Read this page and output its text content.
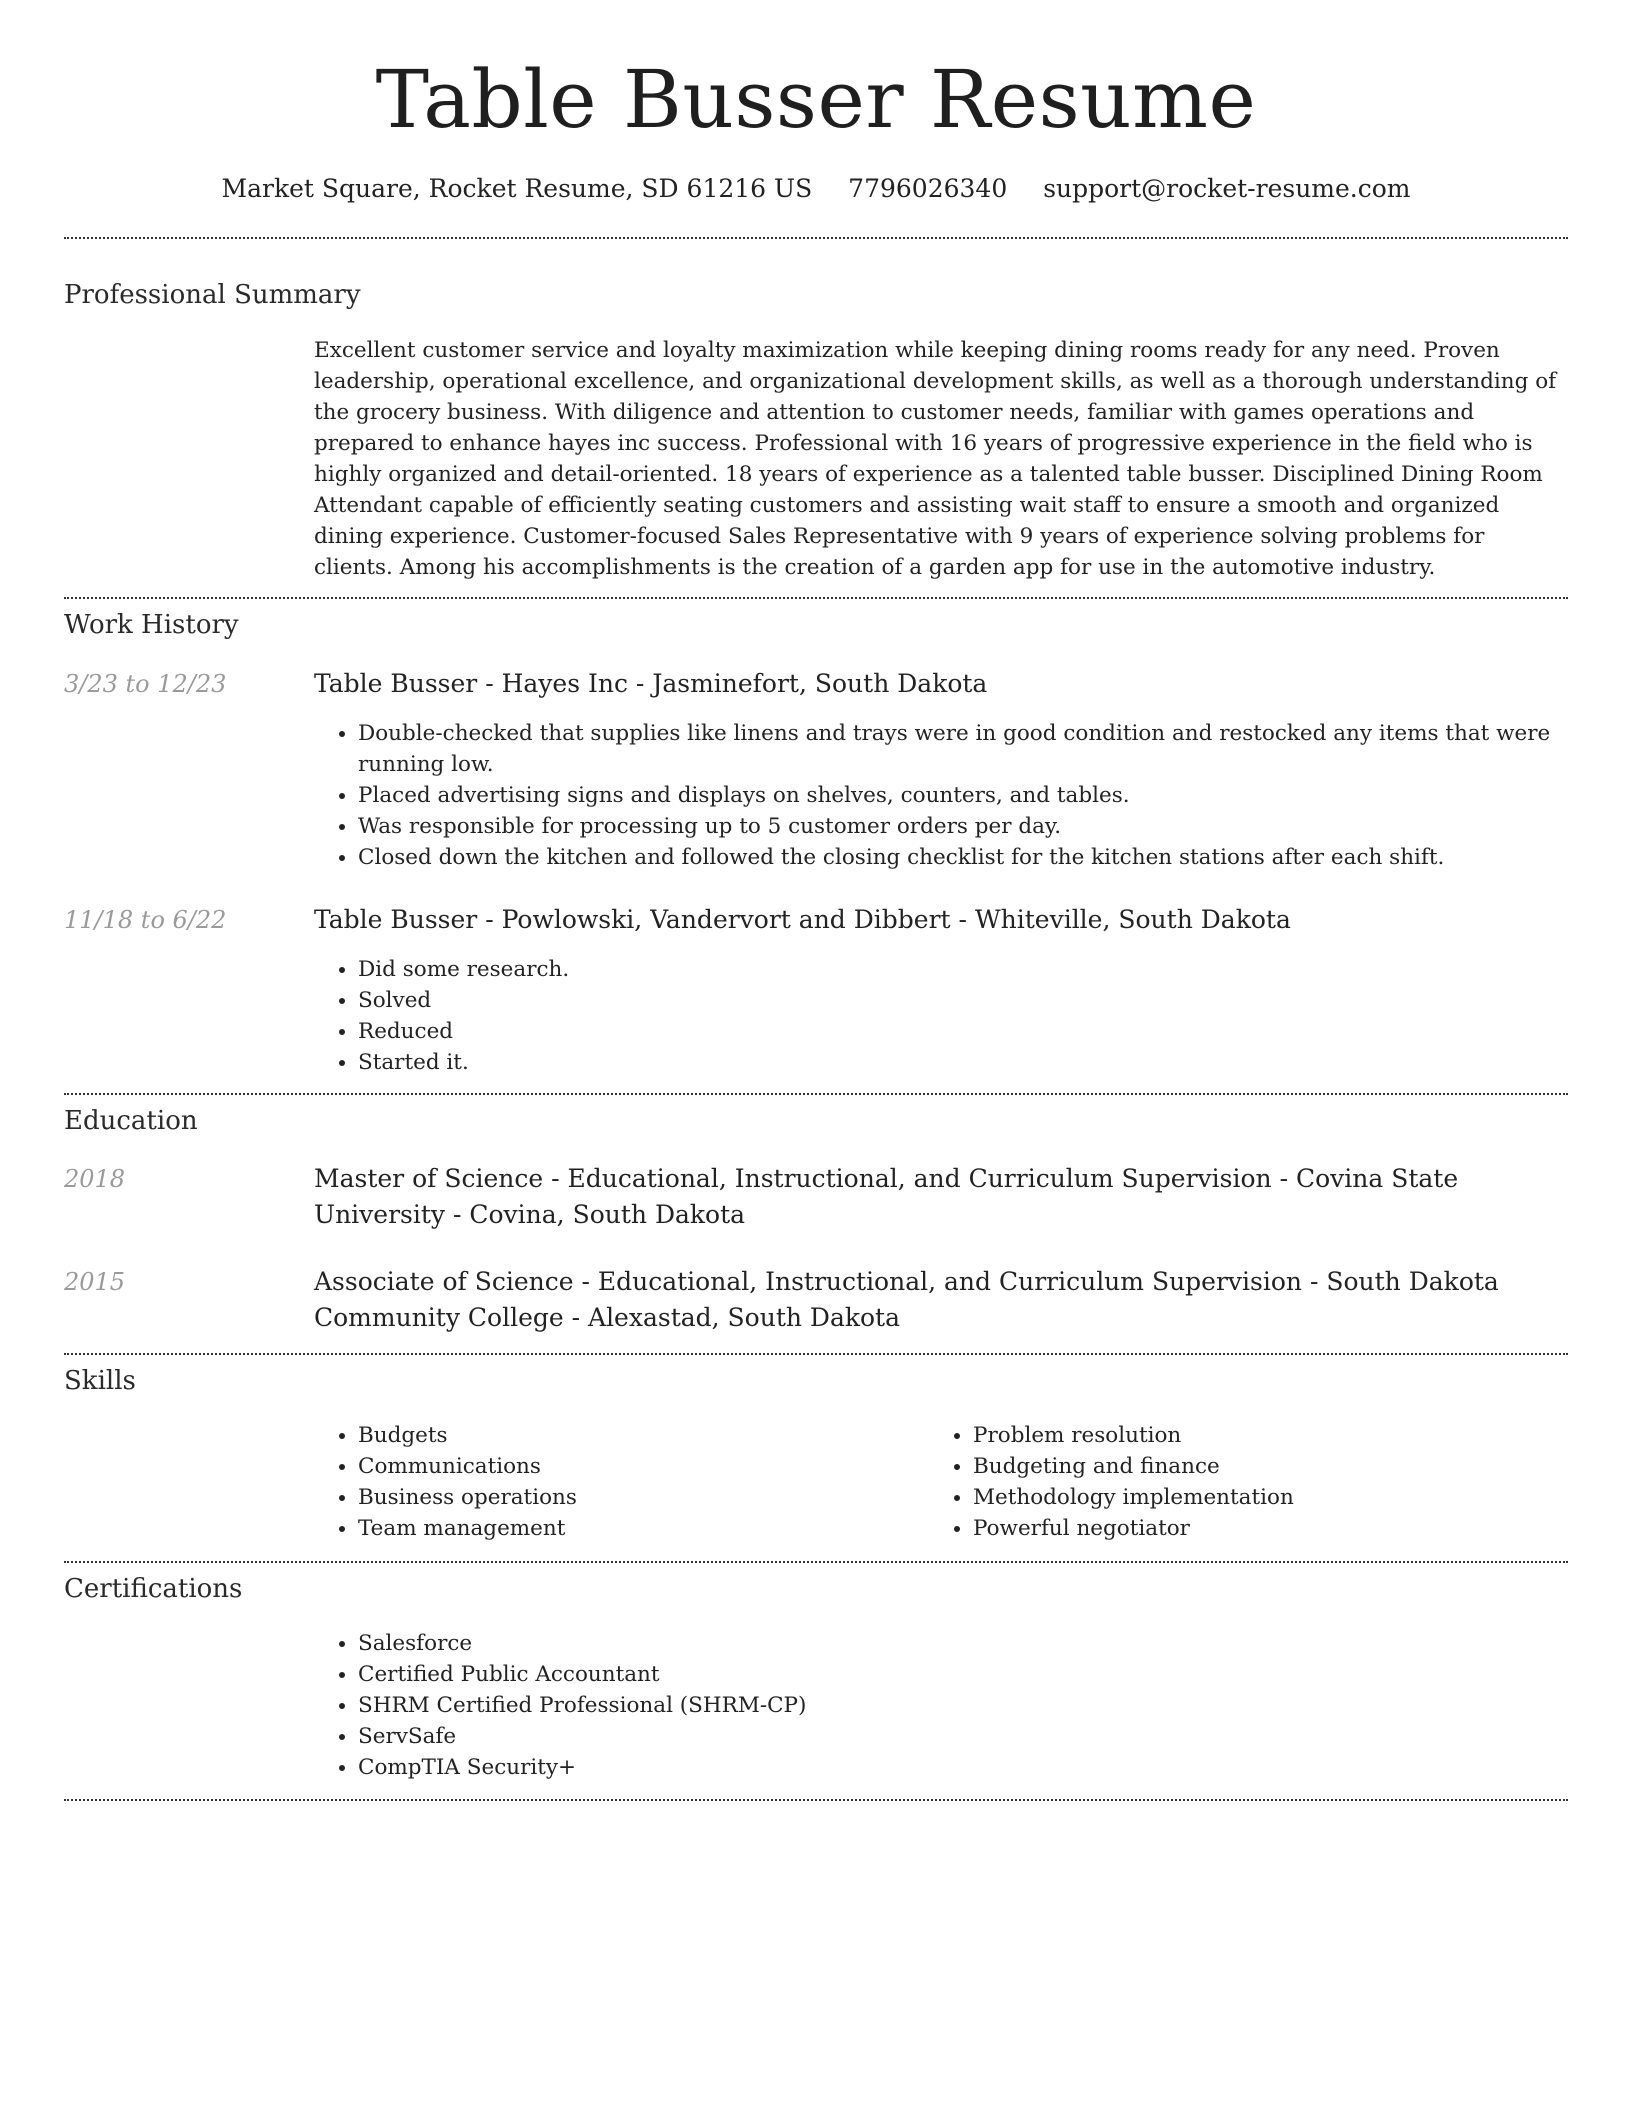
Table Busser Resume
Market Square, Rocket Resume, SD 61216 US 7796026340 support@rocket-resume.com
Professional Summary

Excellent customer service and loyalty maximization while keeping dining rooms ready for any need. Proven leadership, operational excellence, and organizational development skills, as well as a thorough understanding of the grocery business. With diligence and attention to customer needs, familiar with games operations and prepared to enhance hayes inc success. Professional with 16 years of progressive experience in the field who is highly organized and detail-oriented. 18 years of experience as a talented table busser. Disciplined Dining Room Attendant capable of efficiently seating customers and assisting wait staff to ensure a smooth and organized dining experience. Customer-focused Sales Representative with 9 years of experience solving problems for clients. Among his accomplishments is the creation of a garden app for use in the automotive industry.

Work History
3/23 to 12/23	Table Busser - Hayes Inc - Jasminefort, South Dakota

• Double-checked that supplies like linens and trays were in good condition and restocked any items that were running low.
• Placed advertising signs and displays on shelves, counters, and tables.
• Was responsible for processing up to 5 customer orders per day.
• Closed down the kitchen and followed the closing checklist for the kitchen stations after each shift.
11/18 to 6/22	Table Busser - Powlowski, Vandervort and Dibbert - Whiteville, South Dakota

• Did some research.
• Solved
• Reduced
• Started it.
Education
2018	Master of Science - Educational, Instructional, and Curriculum Supervision - Covina State University - Covina, South Dakota

2015	Associate of Science - Educational, Instructional, and Curriculum Supervision - South Dakota Community College - Alexastad, South Dakota

Skills
• Budgets
• Communications
• Business operations
• Team management
• Problem resolution
• Budgeting and finance
• Methodology implementation
• Powerful negotiator
Certifications
• Salesforce
• Certified Public Accountant
• SHRM Certified Professional (SHRM-CP)
• ServSafe
• CompTIA Security+
